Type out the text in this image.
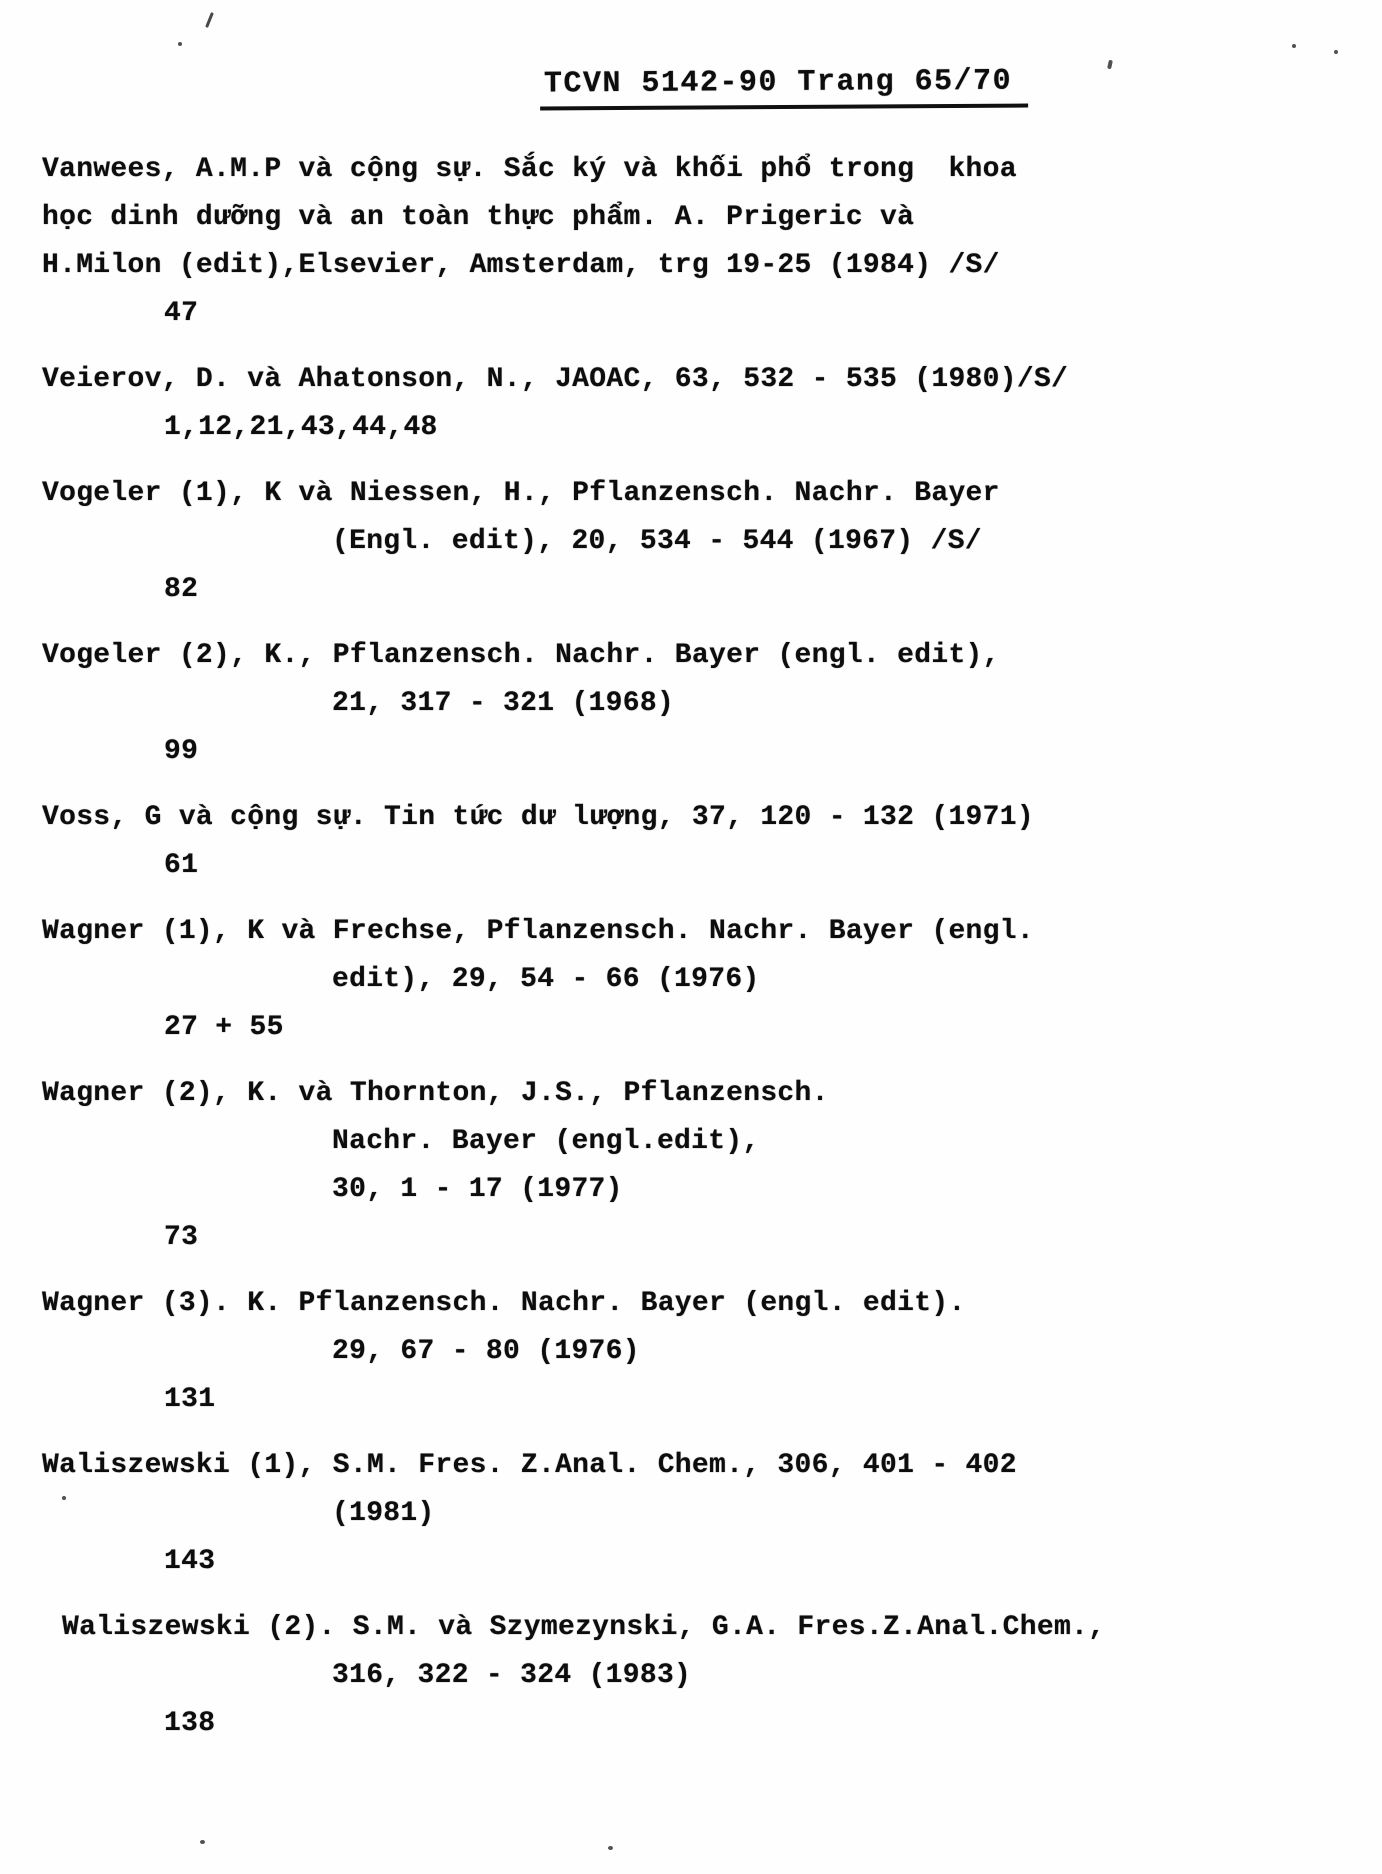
TCVN 5142-90 Trang 65/70
Vanwees, A.M.P và cộng sự. Sắc ký và khối phổ trong  khoa
học dinh dưỡng và an toàn thực phẩm. A. Prigeric và
H.Milon (edit),Elsevier, Amsterdam, trg 19-25 (1984) /S/
47
Veierov, D. và Ahatonson, N., JAOAC, 63, 532 - 535 (1980)/S/
1,12,21,43,44,48
Vogeler (1), K và Niessen, H., Pflanzensch. Nachr. Bayer
(Engl. edit), 20, 534 - 544 (1967) /S/
82
Vogeler (2), K., Pflanzensch. Nachr. Bayer (engl. edit),
21, 317 - 321 (1968)
99
Voss, G và cộng sự. Tin tức dư lượng, 37, 120 - 132 (1971)
61
Wagner (1), K và Frechse, Pflanzensch. Nachr. Bayer (engl.
edit), 29, 54 - 66 (1976)
27 + 55
Wagner (2), K. và Thornton, J.S., Pflanzensch.
Nachr. Bayer (engl.edit),
30, 1 - 17 (1977)
73
Wagner (3). K. Pflanzensch. Nachr. Bayer (engl. edit).
29, 67 - 80 (1976)
131
Waliszewski (1), S.M. Fres. Z.Anal. Chem., 306, 401 - 402
(1981)
143
Waliszewski (2). S.M. và Szymezynski, G.A. Fres.Z.Anal.Chem.,
316, 322 - 324 (1983)
138
